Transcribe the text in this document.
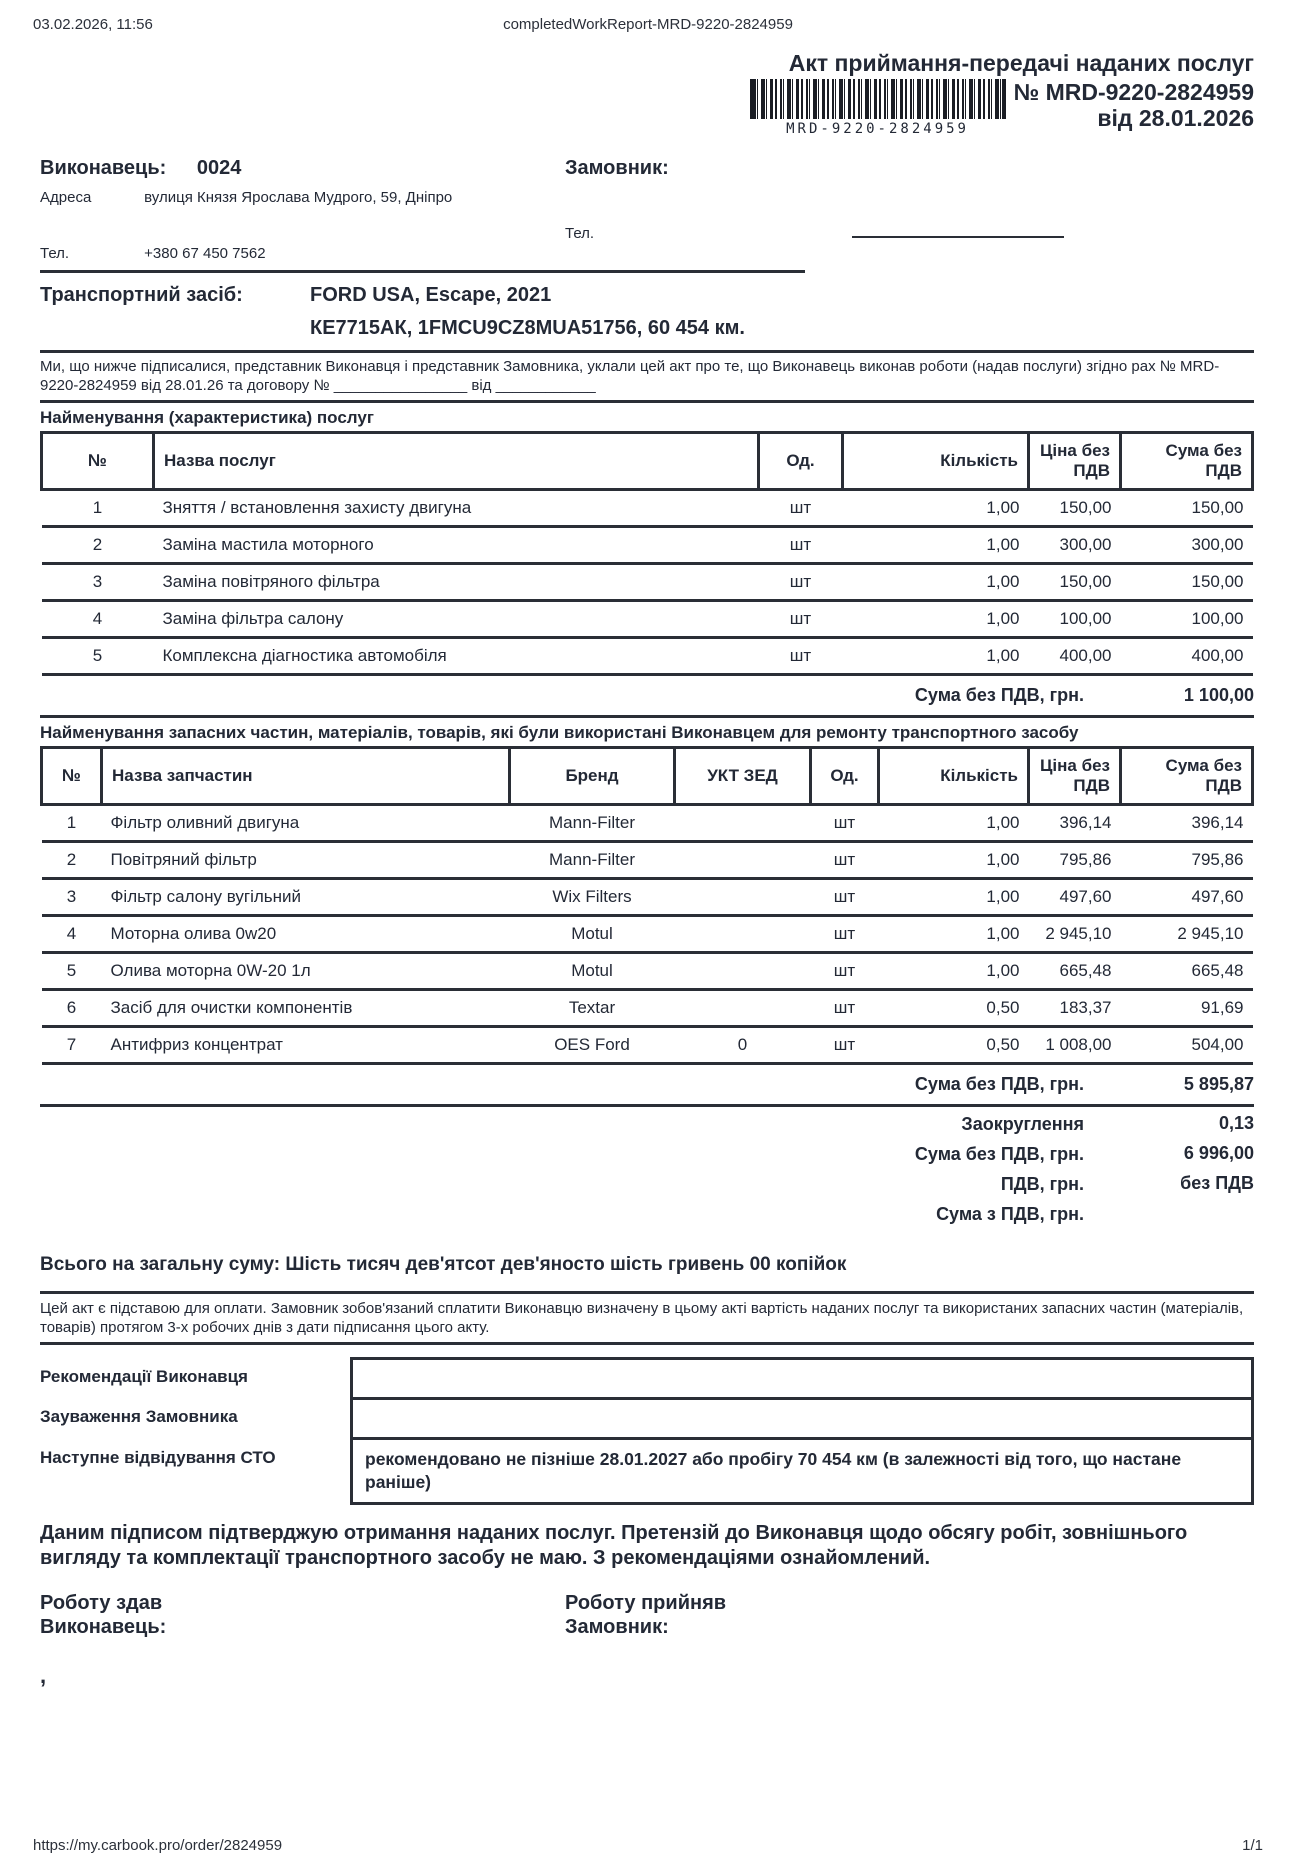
03.02.2026, 11:56	completedWorkReport-MRD-9220-2824959
Акт приймання-передачі наданих послуг
MRD-9220-2824959
№ MRD-9220-2824959
від 28.01.2026
Виконавець: 0024
Адреса	вулиця Князя Ярослава Мудрого, 59, Дніпро
Тел.	+380 67 450 7562
Замовник:
Тел.
Транспортний засіб:	FORD USA, Escape, 2021
КЕ7715АК, 1FMCU9CZ8MUA51756, 60 454 км.
Ми, що нижче підписалися, представник Виконавця і представник Замовника, уклали цей акт про те, що Виконавець виконав роботи (надав послуги) згідно рах № MRD-9220-2824959 від 28.01.26 та договору № ________________ від ____________
Найменування (характеристика) послуг
№	Назва послуг	Од.	Кількість	Ціна без ПДВ	Сума без ПДВ
1	Зняття / встановлення захисту двигуна	шт	1,00	150,00	150,00
2	Заміна мастила моторного	шт	1,00	300,00	300,00
3	Заміна повітряного фільтра	шт	1,00	150,00	150,00
4	Заміна фільтра салону	шт	1,00	100,00	100,00
5	Комплексна діагностика автомобіля	шт	1,00	400,00	400,00
Сума без ПДВ, грн.	1 100,00
Найменування запасних частин, матеріалів, товарів, які були використані Виконавцем для ремонту транспортного засобу
№	Назва запчастин	Бренд	УКТ ЗЕД	Од.	Кількість	Ціна без ПДВ	Сума без ПДВ
1	Фільтр оливний двигуна	Mann-Filter		шт	1,00	396,14	396,14
2	Повітряний фільтр	Mann-Filter		шт	1,00	795,86	795,86
3	Фільтр салону вугільний	Wix Filters		шт	1,00	497,60	497,60
4	Моторна олива 0w20	Motul		шт	1,00	2 945,10	2 945,10
5	Олива моторна 0W-20 1л	Motul		шт	1,00	665,48	665,48
6	Засіб для очистки компонентів	Textar		шт	0,50	183,37	91,69
7	Антифриз концентрат	OES Ford	0	шт	0,50	1 008,00	504,00
Сума без ПДВ, грн.	5 895,87
Заокруглення	0,13
Сума без ПДВ, грн.	6 996,00
ПДВ, грн.	без ПДВ
Сума з ПДВ, грн.
Всього на загальну суму: Шість тисяч дев'ятсот дев'яносто шість гривень 00 копійок
Цей акт є підставою для оплати. Замовник зобов'язаний сплатити Виконавцю визначену в цьому акті вартість наданих послуг та використаних запасних частин (матеріалів, товарів) протягом 3-х робочих днів з дати підписання цього акту.
Рекомендації Виконавця
Зауваження Замовника
Наступне відвідування СТО	рекомендовано не пізніше 28.01.2027 або пробігу 70 454 км (в залежності від того, що настане раніше)
Даним підписом підтверджую отримання наданих послуг. Претензій до Виконавця щодо обсягу робіт, зовнішнього вигляду та комплектації транспортного засобу не маю. З рекомендаціями ознайомлений.
Роботу здав
Виконавець:
,
Роботу прийняв
Замовник:
https://my.carbook.pro/order/2824959	1/1
